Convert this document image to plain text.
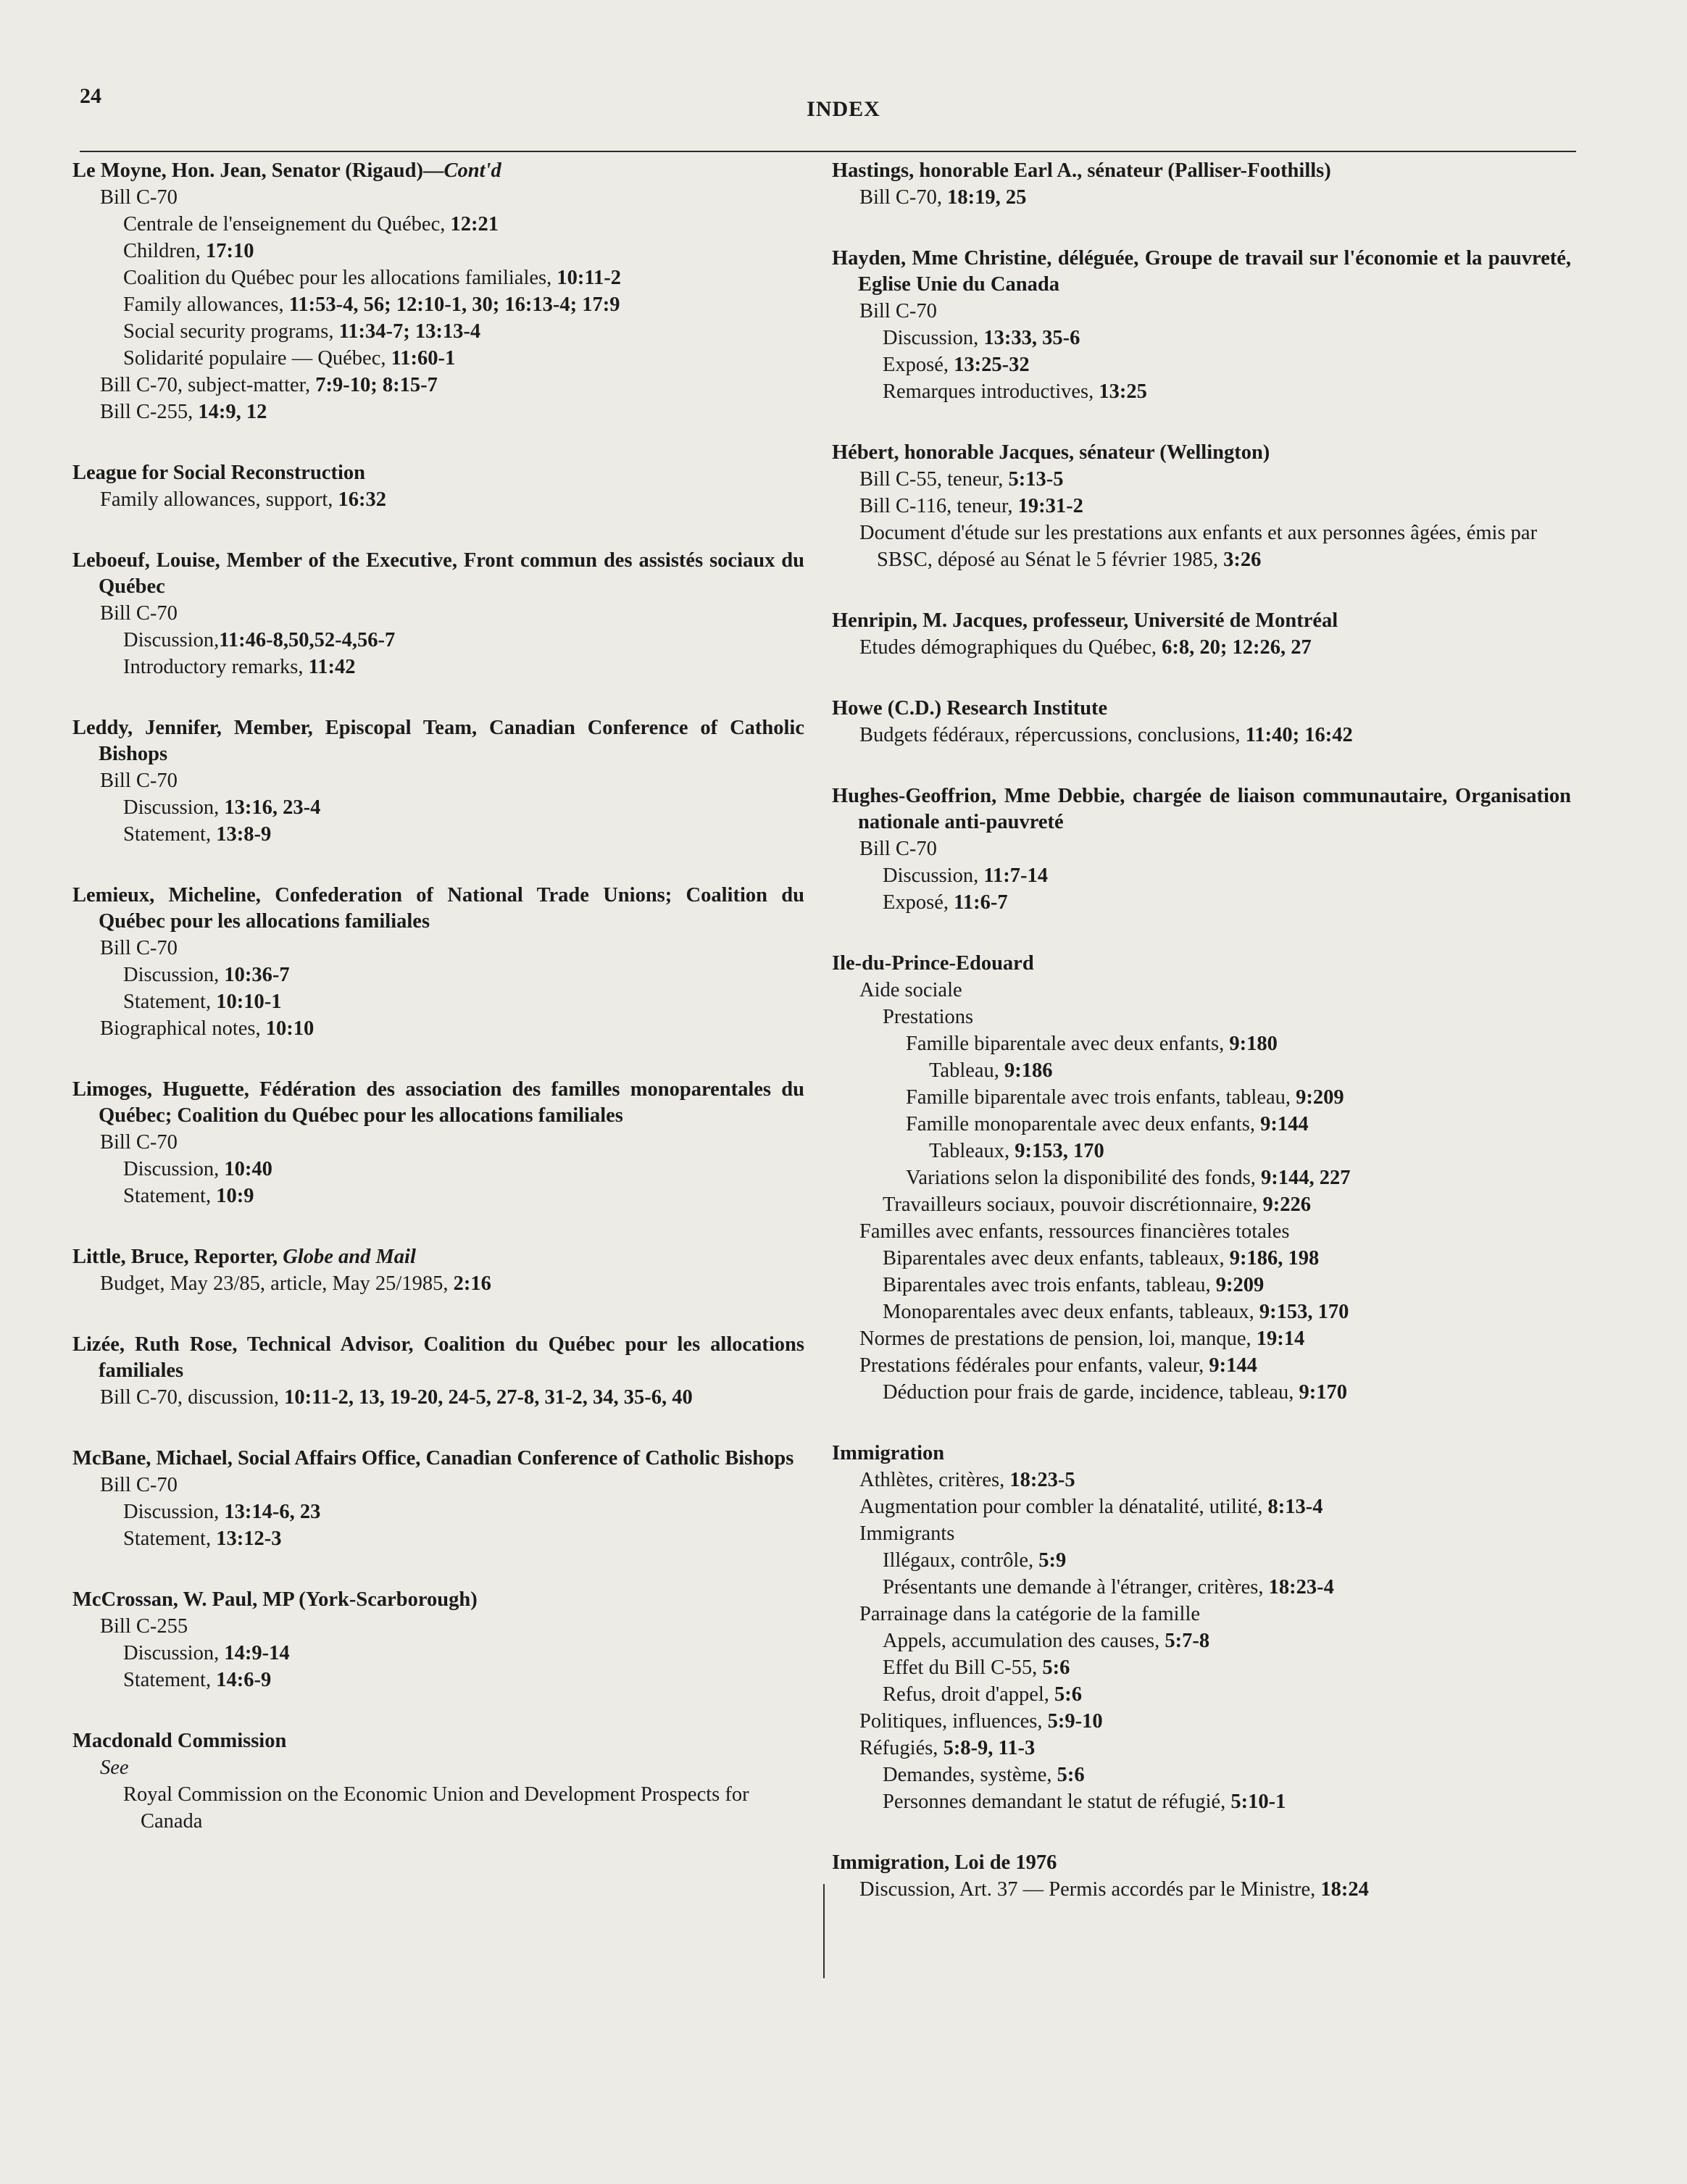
24
INDEX
Le Moyne, Hon. Jean, Senator (Rigaud)—Cont'd
Bill C-70
Centrale de l'enseignement du Québec, 12:21
Children, 17:10
Coalition du Québec pour les allocations familiales, 10:11-2
Family allowances, 11:53-4, 56; 12:10-1, 30; 16:13-4; 17:9
Social security programs, 11:34-7; 13:13-4
Solidarité populaire — Québec, 11:60-1
Bill C-70, subject-matter, 7:9-10; 8:15-7
Bill C-255, 14:9, 12
League for Social Reconstruction
Family allowances, support, 16:32
Leboeuf, Louise, Member of the Executive, Front commun des assistés sociaux du Québec
Bill C-70
Discussion,11:46-8,50,52-4,56-7
Introductory remarks, 11:42
Leddy, Jennifer, Member, Episcopal Team, Canadian Conference of Catholic Bishops
Bill C-70
Discussion, 13:16, 23-4
Statement, 13:8-9
Lemieux, Micheline, Confederation of National Trade Unions; Coalition du Québec pour les allocations familiales
Bill C-70
Discussion, 10:36-7
Statement, 10:10-1
Biographical notes, 10:10
Limoges, Huguette, Fédération des association des familles monoparentales du Québec; Coalition du Québec pour les allocations familiales
Bill C-70
Discussion, 10:40
Statement, 10:9
Little, Bruce, Reporter, Globe and Mail
Budget, May 23/85, article, May 25/1985, 2:16
Lizée, Ruth Rose, Technical Advisor, Coalition du Québec pour les allocations familiales
Bill C-70, discussion, 10:11-2, 13, 19-20, 24-5, 27-8, 31-2, 34, 35-6, 40
McBane, Michael, Social Affairs Office, Canadian Conference of Catholic Bishops
Bill C-70
Discussion, 13:14-6, 23
Statement, 13:12-3
McCrossan, W. Paul, MP (York-Scarborough)
Bill C-255
Discussion, 14:9-14
Statement, 14:6-9
Macdonald Commission
See
Royal Commission on the Economic Union and Development Prospects for Canada
Hastings, honorable Earl A., sénateur (Palliser-Foothills)
Bill C-70, 18:19, 25
Hayden, Mme Christine, déléguée, Groupe de travail sur l'économie et la pauvreté, Eglise Unie du Canada
Bill C-70
Discussion, 13:33, 35-6
Exposé, 13:25-32
Remarques introductives, 13:25
Hébert, honorable Jacques, sénateur (Wellington)
Bill C-55, teneur, 5:13-5
Bill C-116, teneur, 19:31-2
Document d'étude sur les prestations aux enfants et aux personnes âgées, émis par SBSC, déposé au Sénat le 5 février 1985, 3:26
Henripin, M. Jacques, professeur, Université de Montréal
Etudes démographiques du Québec, 6:8, 20; 12:26, 27
Howe (C.D.) Research Institute
Budgets fédéraux, répercussions, conclusions, 11:40; 16:42
Hughes-Geoffrion, Mme Debbie, chargée de liaison communautaire, Organisation nationale anti-pauvreté
Bill C-70
Discussion, 11:7-14
Exposé, 11:6-7
Ile-du-Prince-Edouard
Aide sociale
Prestations
Famille biparentale avec deux enfants, 9:180
Tableau, 9:186
Famille biparentale avec trois enfants, tableau, 9:209
Famille monoparentale avec deux enfants, 9:144
Tableaux, 9:153, 170
Variations selon la disponibilité des fonds, 9:144, 227
Travailleurs sociaux, pouvoir discrétionnaire, 9:226
Familles avec enfants, ressources financières totales
Biparentales avec deux enfants, tableaux, 9:186, 198
Biparentales avec trois enfants, tableau, 9:209
Monoparentales avec deux enfants, tableaux, 9:153, 170
Normes de prestations de pension, loi, manque, 19:14
Prestations fédérales pour enfants, valeur, 9:144
Déduction pour frais de garde, incidence, tableau, 9:170
Immigration
Athlètes, critères, 18:23-5
Augmentation pour combler la dénatalité, utilité, 8:13-4
Immigrants
Illégaux, contrôle, 5:9
Présentants une demande à l'étranger, critères, 18:23-4
Parrainage dans la catégorie de la famille
Appels, accumulation des causes, 5:7-8
Effet du Bill C-55, 5:6
Refus, droit d'appel, 5:6
Politiques, influences, 5:9-10
Réfugiés, 5:8-9, 11-3
Demandes, système, 5:6
Personnes demandant le statut de réfugié, 5:10-1
Immigration, Loi de 1976
Discussion, Art. 37 — Permis accordés par le Ministre, 18:24
